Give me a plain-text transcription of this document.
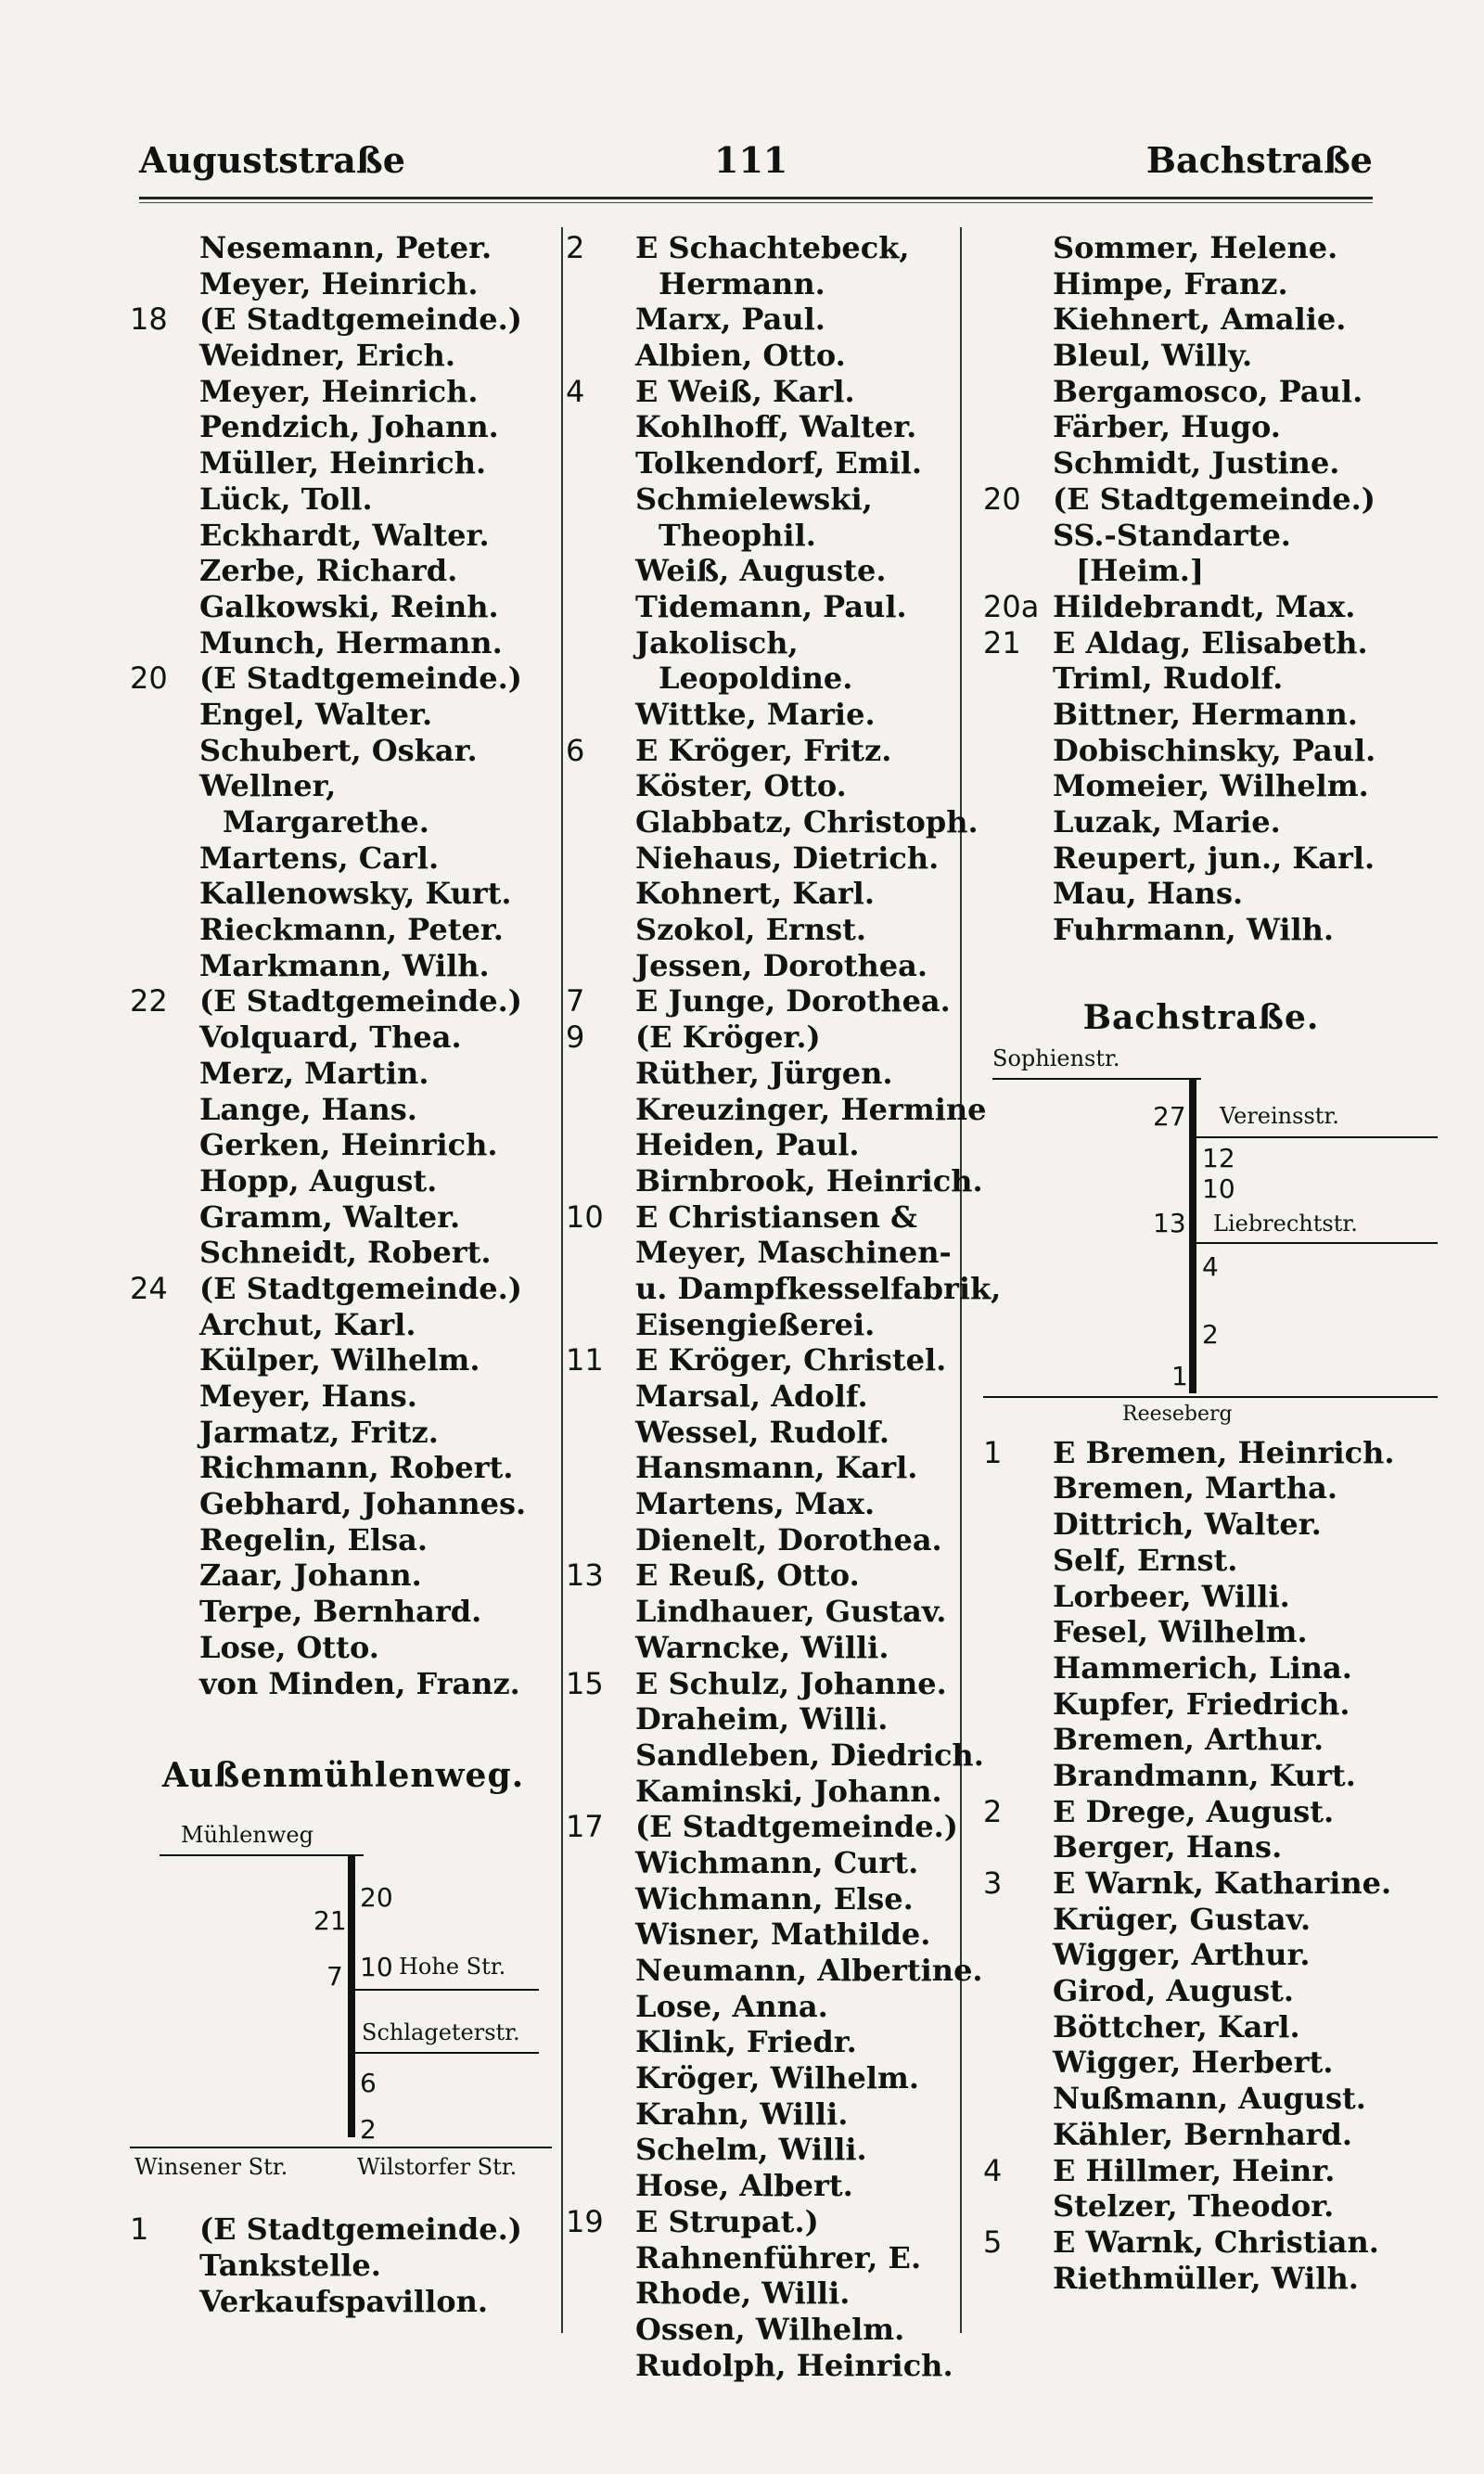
Auguststraße	111	Bachstraße
Nesemann, Peter.
Meyer, Heinrich.
18	(E Stadtgemeinde.)
Weidner, Erich.
Meyer, Heinrich.
Pendzich, Johann.
Müller, Heinrich.
Lück, Toll.
Eckhardt, Walter.
Zerbe, Richard.
Galkowski, Reinh.
Munch, Hermann.
20	(E Stadtgemeinde.)
Engel, Walter.
Schubert, Oskar.
Wellner,
Margarethe.
Martens, Carl.
Kallenowsky, Kurt.
Rieckmann, Peter.
Markmann, Wilh.
22	(E Stadtgemeinde.)
Volquard, Thea.
Merz, Martin.
Lange, Hans.
Gerken, Heinrich.
Hopp, August.
Gramm, Walter.
Schneidt, Robert.
24	(E Stadtgemeinde.)
Archut, Karl.
Külper, Wilhelm.
Meyer, Hans.
Jarmatz, Fritz.
Richmann, Robert.
Gebhard, Johannes.
Regelin, Elsa.
Zaar, Johann.
Terpe, Bernhard.
Lose, Otto.
von Minden, Franz.
Außenmühlenweg.
Mühlenweg
21
7
20
10 Hohe Str.
Schlageterstr.
6
2
Winsener Str.	Wilstorfer Str.
1	(E Stadtgemeinde.)
Tankstelle.
Verkaufspavillon.
2	E Schachtebeck,
Hermann.
Marx, Paul.
Albien, Otto.
4	E Weiß, Karl.
Kohlhoff, Walter.
Tolkendorf, Emil.
Schmielewski,
Theophil.
Weiß, Auguste.
Tidemann, Paul.
Jakolisch,
Leopoldine.
Wittke, Marie.
6	E Kröger, Fritz.
Köster, Otto.
Glabbatz, Christoph.
Niehaus, Dietrich.
Kohnert, Karl.
Szokol, Ernst.
Jessen, Dorothea.
7	E Junge, Dorothea.
9	(E Kröger.)
Rüther, Jürgen.
Kreuzinger, Hermine
Heiden, Paul.
Birnbrook, Heinrich.
10	E Christiansen &
Meyer, Maschinen-
u. Dampfkesselfabrik,
Eisengießerei.
11	E Kröger, Christel.
Marsal, Adolf.
Wessel, Rudolf.
Hansmann, Karl.
Martens, Max.
Dienelt, Dorothea.
13	E Reuß, Otto.
Lindhauer, Gustav.
Warncke, Willi.
15	E Schulz, Johanne.
Draheim, Willi.
Sandleben, Diedrich.
Kaminski, Johann.
17	(E Stadtgemeinde.)
Wichmann, Curt.
Wichmann, Else.
Wisner, Mathilde.
Neumann, Albertine.
Lose, Anna.
Klink, Friedr.
Kröger, Wilhelm.
Krahn, Willi.
Schelm, Willi.
Hose, Albert.
19	E Strupat.)
Rahnenführer, E.
Rhode, Willi.
Ossen, Wilhelm.
Rudolph, Heinrich.
Sommer, Helene.
Himpe, Franz.
Kiehnert, Amalie.
Bleul, Willy.
Bergamosco, Paul.
Färber, Hugo.
Schmidt, Justine.
20	(E Stadtgemeinde.)
SS.-Standarte.
[Heim.]
20a Hildebrandt, Max.
21	E Aldag, Elisabeth.
Triml, Rudolf.
Bittner, Hermann.
Dobischinsky, Paul.
Momeier, Wilhelm.
Luzak, Marie.
Reupert, jun., Karl.
Mau, Hans.
Fuhrmann, Wilh.
Bachstraße.
Sophienstr.
27 Vereinsstr.
12
10
13 Liebrechtstr.
4
2
1
Reeseberg
1	E Bremen, Heinrich.
Bremen, Martha.
Dittrich, Walter.
Self, Ernst.
Lorbeer, Willi.
Fesel, Wilhelm.
Hammerich, Lina.
Kupfer, Friedrich.
Bremen, Arthur.
Brandmann, Kurt.
2	E Drege, August.
Berger, Hans.
3	E Warnk, Katharine.
Krüger, Gustav.
Wigger, Arthur.
Girod, August.
Böttcher, Karl.
Wigger, Herbert.
Nußmann, August.
Kähler, Bernhard.
4	E Hillmer, Heinr.
Stelzer, Theodor.
5	E Warnk, Christian.
Riethmüller, Wilh.
